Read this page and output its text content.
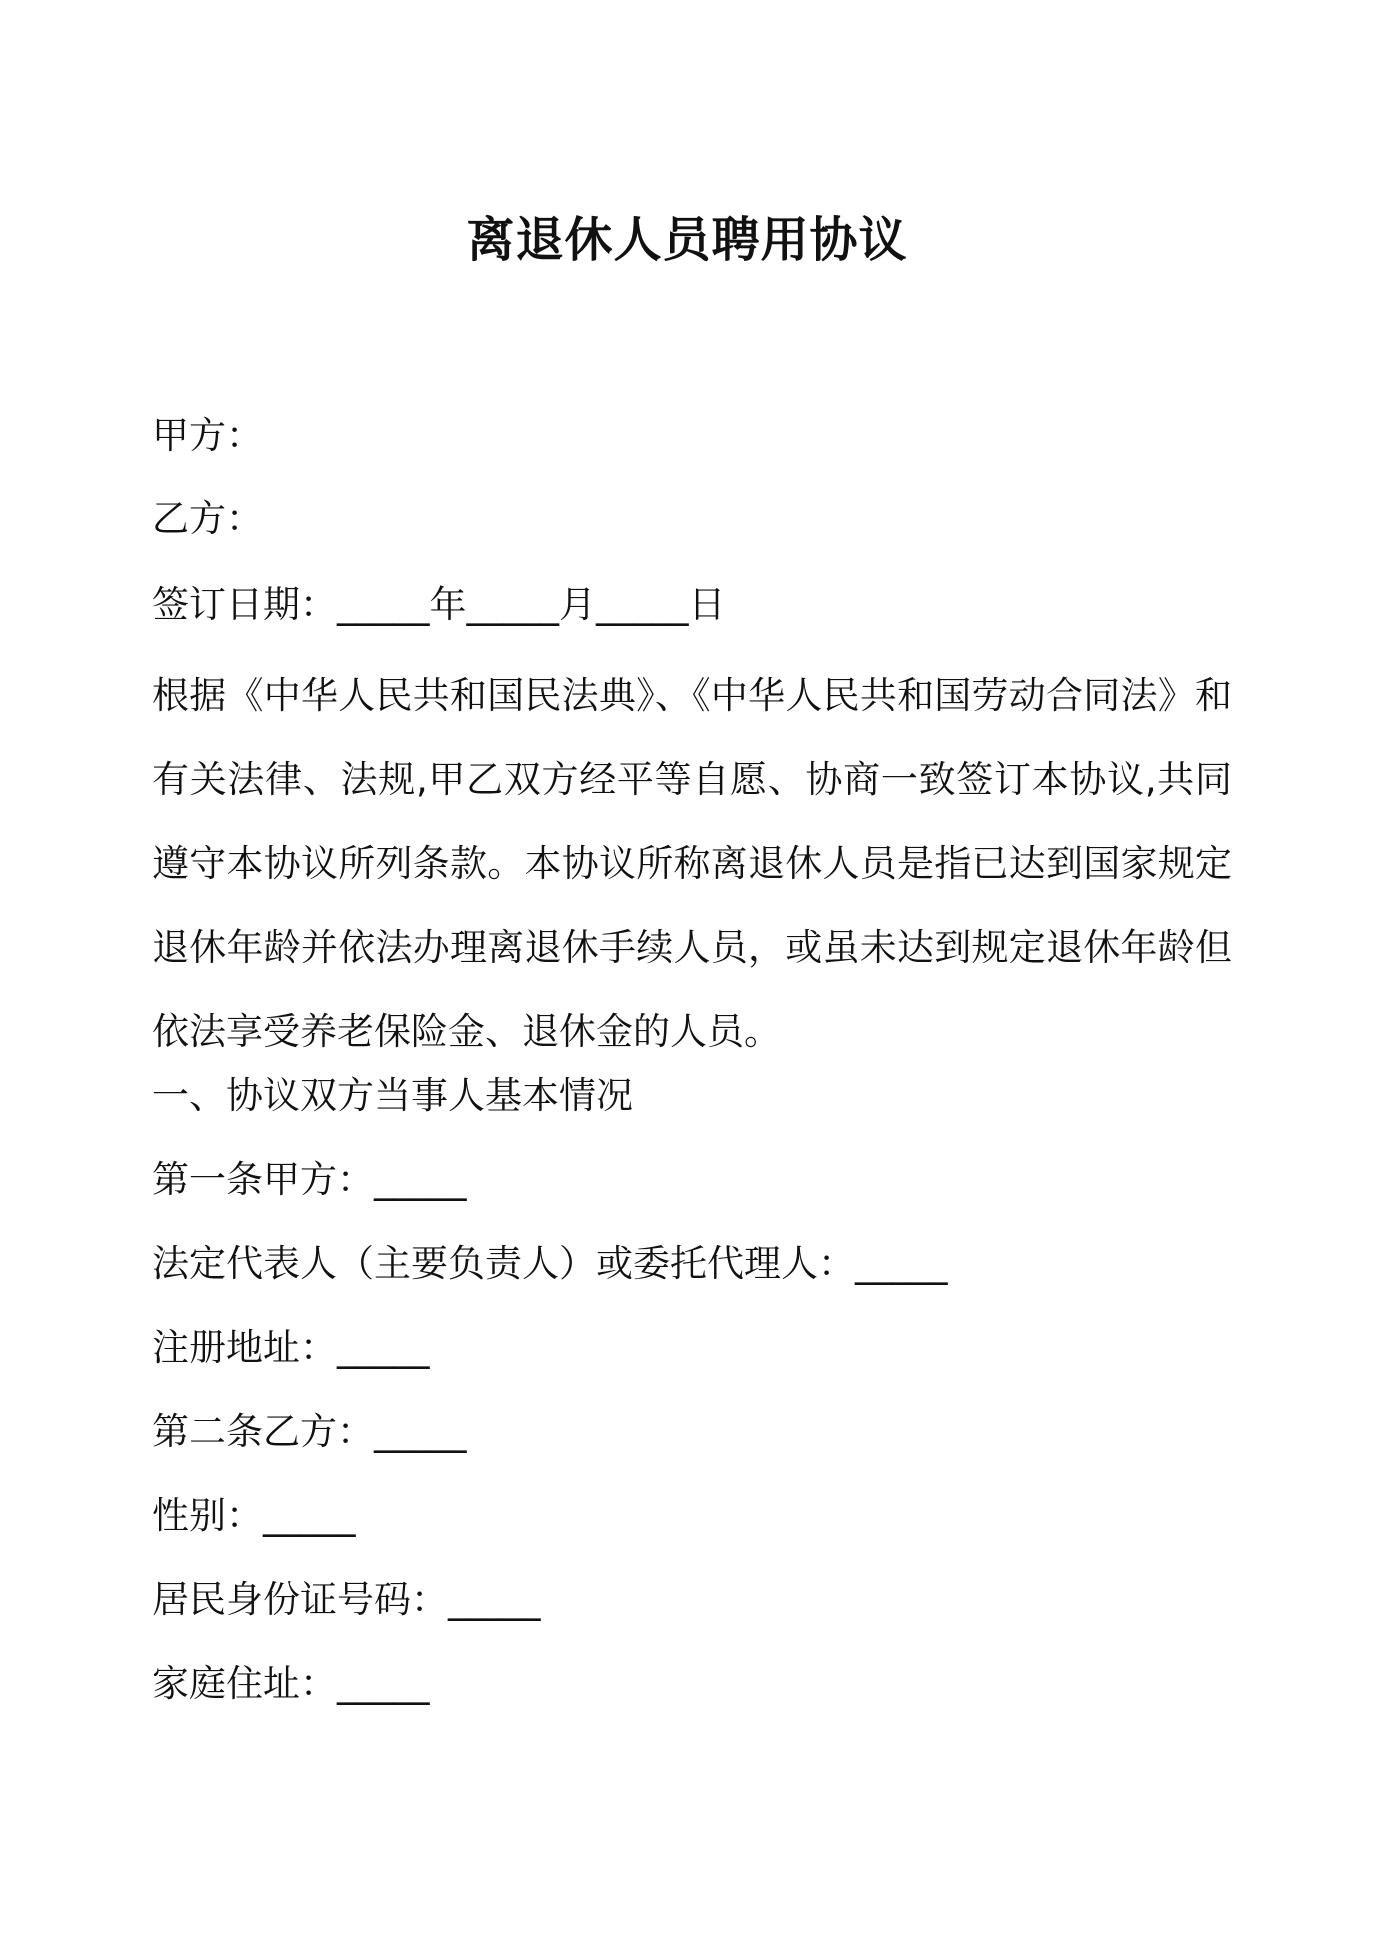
离退休人员聘用协议
甲方：
乙方：
签订日期：_____年_____月_____日
根据《中华人民共和国民法典》、《中华人民共和国劳动合同法》和
有关法律、法规,甲乙双方经平等自愿、协商一致签订本协议,共同
遵守本协议所列条款。本协议所称离退休人员是指已达到国家规定
退休年龄并依法办理离退休手续人员，或虽未达到规定退休年龄但
依法享受养老保险金、退休金的人员。
一、协议双方当事人基本情况
第一条甲方：_____
法定代表人（主要负责人）或委托代理人：_____
注册地址：_____
第二条乙方：_____
性别：_____
居民身份证号码：_____
家庭住址：_____
